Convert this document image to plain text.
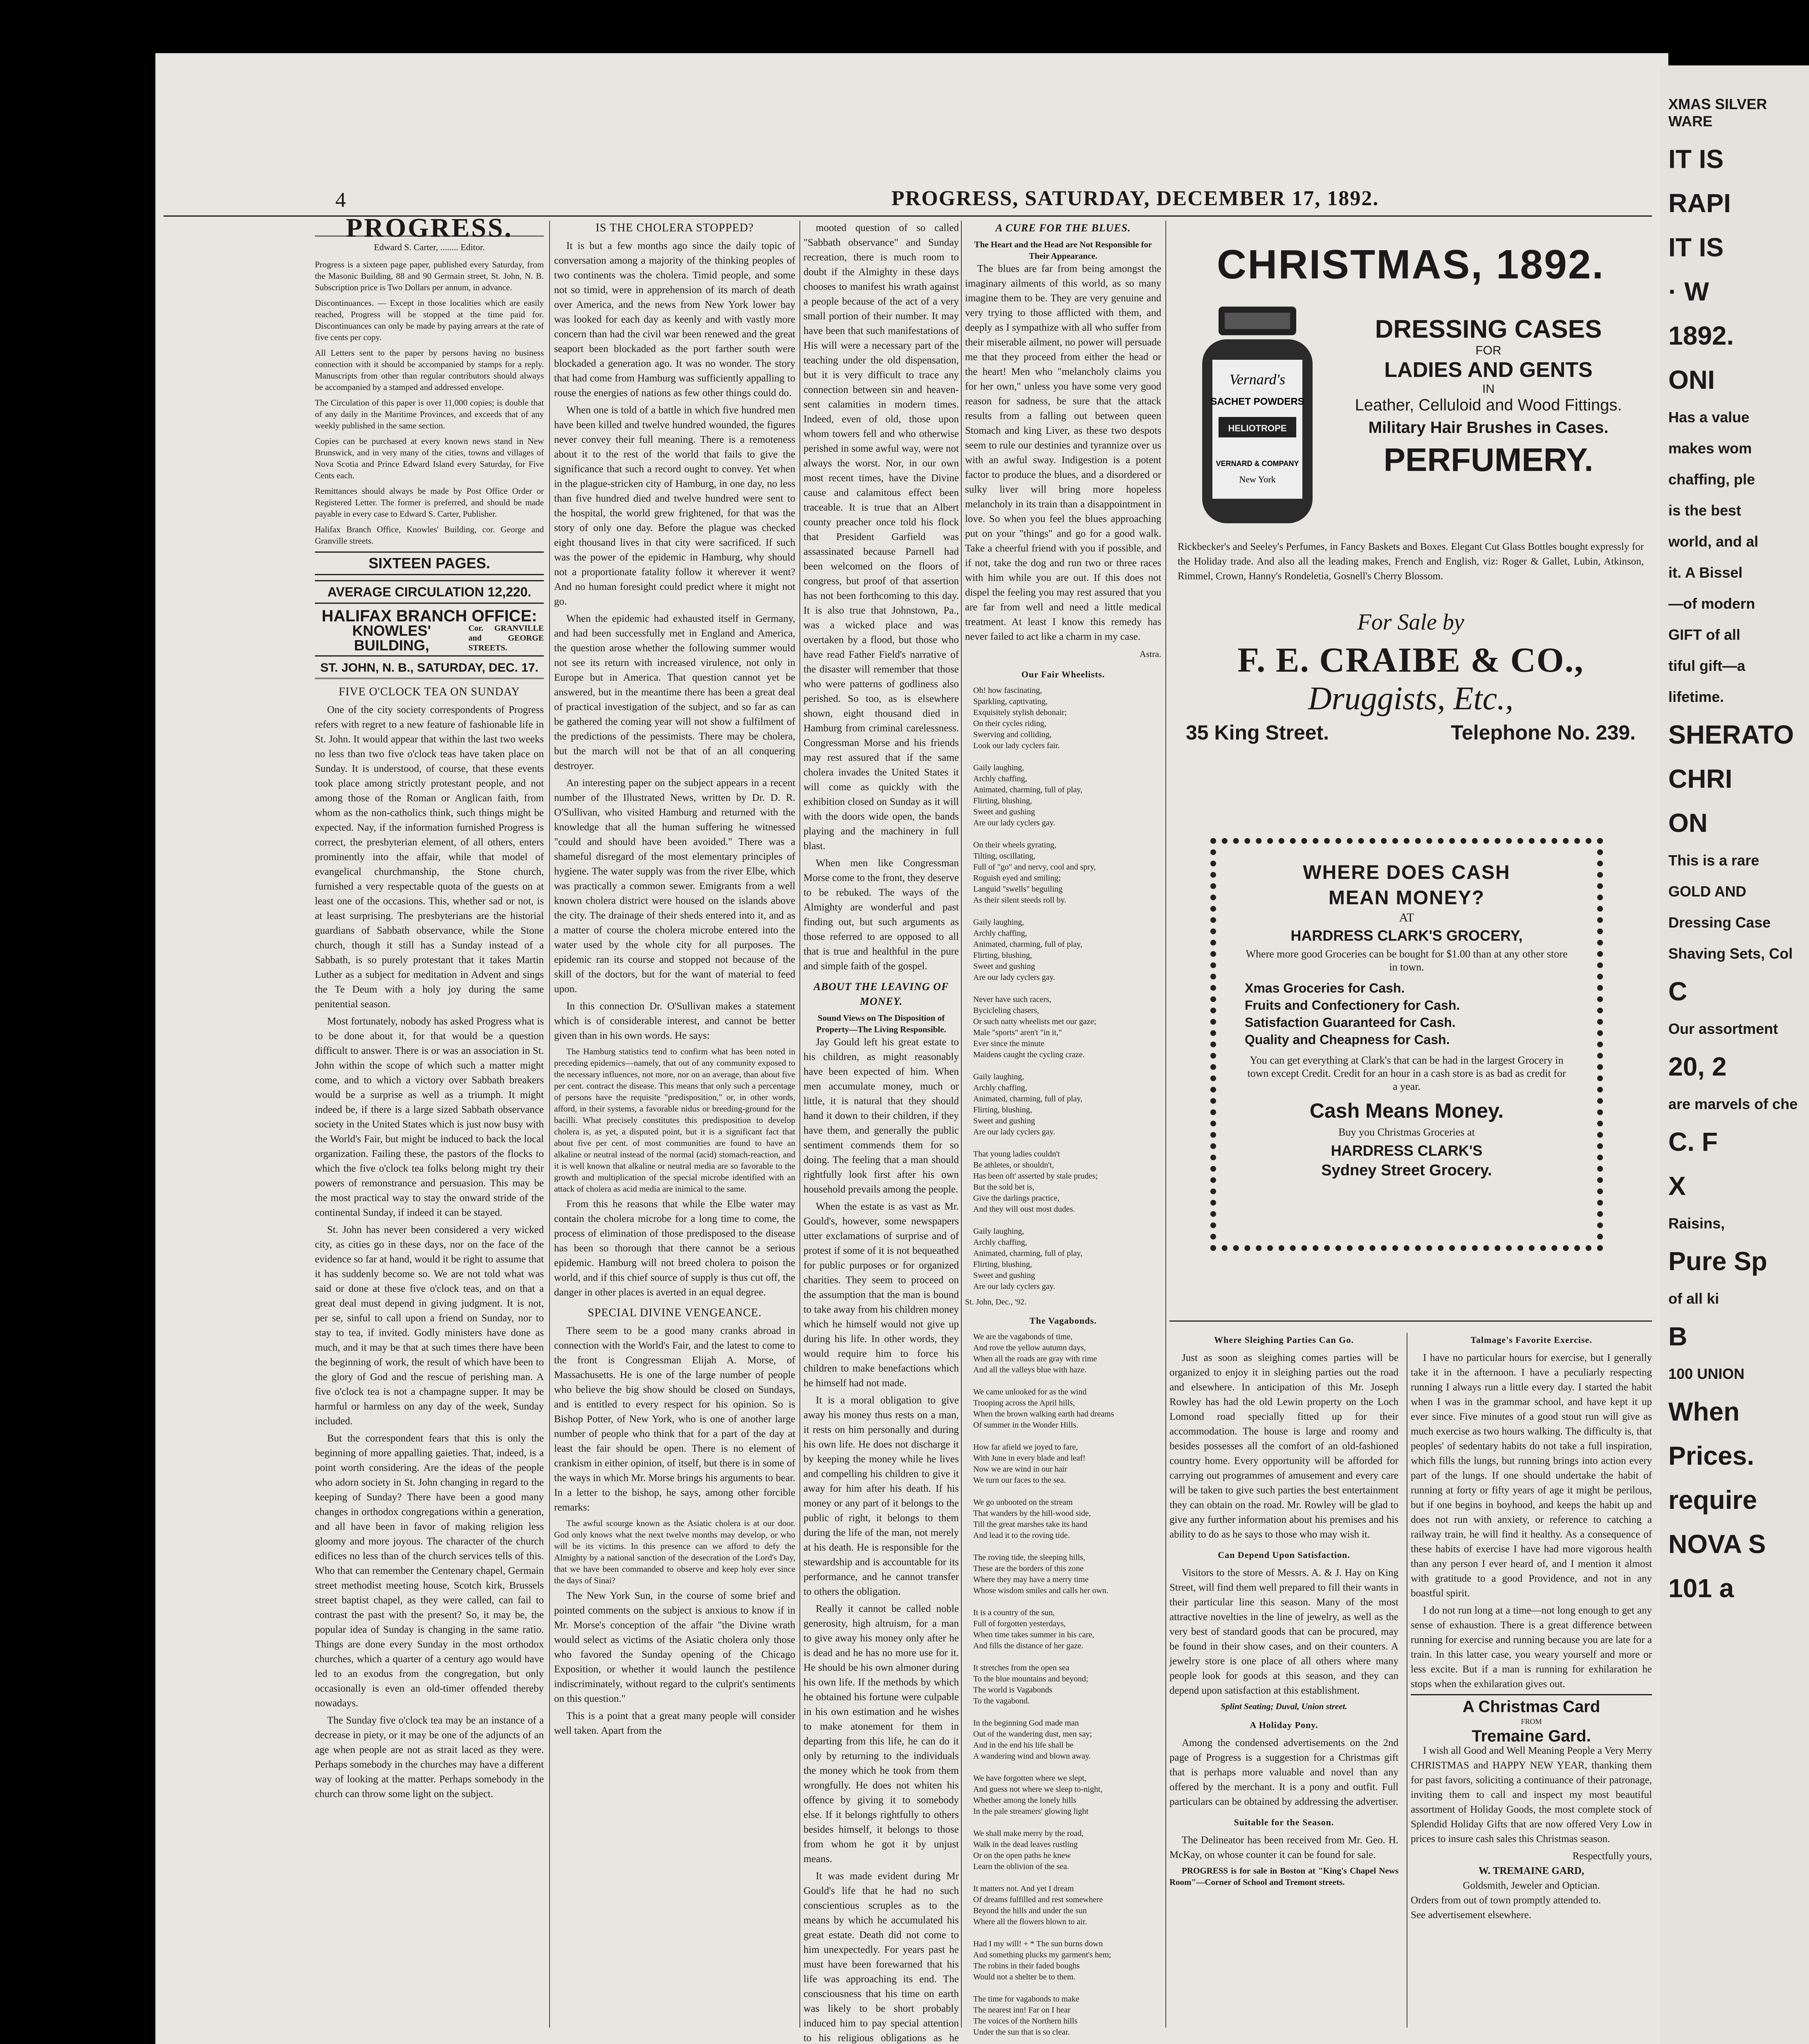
4	PROGRESS, SATURDAY, DECEMBER 17, 1892.
PROGRESS.
Edward S. Carter, ........ Editor.
Progress is a sixteen page paper, published every Saturday, from the Masonic Building, 88 and 90 Germain street, St. John, N. B. Subscription price is Two Dollars per annum, in advance.
Discontinuances. — Except in those localities which are easily reached, Progress will be stopped at the time paid for. Discontinuances can only be made by paying arrears at the rate of five cents per copy.
All Letters sent to the paper by persons having no business connection with it should be accompanied by stamps for a reply. Manuscripts from other than regular contributors should always be accompanied by a stamped and addressed envelope.
The Circulation of this paper is over 11,000 copies; is double that of any daily in the Maritime Provinces, and exceeds that of any weekly published in the same section.
Copies can be purchased at every known news stand in New Brunswick, and in very many of the cities, towns and villages of Nova Scotia and Prince Edward Island every Saturday, for Five Cents each.
Remittances should always be made by Post Office Order or Registered Letter. The former is preferred, and should be made payable in every case to Edward S. Carter, Publisher.
Halifax Branch Office, Knowles' Building, cor. George and Granville streets.
SIXTEEN PAGES.
AVERAGE CIRCULATION 12,220.
HALIFAX BRANCH OFFICE:
KNOWLES' BUILDING,
Cor. GRANVILLE and GEORGE STREETS.
ST. JOHN, N. B., SATURDAY, DEC. 17.
FIVE O'CLOCK TEA ON SUNDAY

One of the city society correspondents of Progress refers with regret to a new feature of fashionable life in St. John. It would appear that within the last two weeks no less than two five o'clock teas have taken place on Sunday. It is understood, of course, that these events took place among strictly protestant people, and not among those of the Roman or Anglican faith, from whom as the non-catholics think, such things might be expected. Nay, if the information furnished Progress is correct, the presbyterian element, of all others, enters prominently into the affair, while that model of evangelical churchmanship, the Stone church, furnished a very respectable quota of the guests on at least one of the occasions. This, whether sad or not, is at least surprising. The presbyterians are the historial guardians of Sabbath observance, while the Stone church, though it still has a Sunday instead of a Sabbath, is so purely protestant that it takes Martin Luther as a subject for meditation in Advent and sings the Te Deum with a holy joy during the same penitential season.

Most fortunately, nobody has asked Progress what is to be done about it, for that would be a question difficult to answer. There is or was an association in St. John within the scope of which such a matter might come, and to which a victory over Sabbath breakers would be a surprise as well as a triumph. It might indeed be, if there is a large sized Sabbath observance society in the United States which is just now busy with the World's Fair, but might be induced to back the local organization. Failing these, the pastors of the flocks to which the five o'clock tea folks belong might try their powers of remonstrance and persuasion. This may be the most practical way to stay the onward stride of the continental Sunday, if indeed it can be stayed.

St. John has never been considered a very wicked city, as cities go in these days, nor on the face of the evidence so far at hand, would it be right to assume that it has suddenly become so. We are not told what was said or done at these five o'clock teas, and on that a great deal must depend in giving judgment. It is not, per se, sinful to call upon a friend on Sunday, nor to stay to tea, if invited. Godly ministers have done as much, and it may be that at such times there have been the beginning of work, the result of which have been to the glory of God and the rescue of perishing man. A five o'clock tea is not a champagne supper. It may be harmful or harmless on any day of the week, Sunday included.

But the correspondent fears that this is only the beginning of more appalling gaieties. That, indeed, is a point worth considering. Are the ideas of the people who adorn society in St. John changing in regard to the keeping of Sunday? There have been a good many changes in orthodox congregations within a generation, and all have been in favor of making religion less gloomy and more joyous. The character of the church edifices no less than of the church services tells of this. Who that can remember the Centenary chapel, Germain street methodist meeting house, Scotch kirk, Brussels street baptist chapel, as they were called, can fail to contrast the past with the present? So, it may be, the popular idea of Sunday is changing in the same ratio. Things are done every Sunday in the most orthodox churches, which a quarter of a century ago would have led to an exodus from the congregation, but only occasionally is even an old-timer offended thereby nowadays.

The Sunday five o'clock tea may be an instance of a decrease in piety, or it may be one of the adjuncts of an age when people are not as strait laced as they were. Perhaps somebody in the churches may have a different way of looking at the matter. Perhaps somebody in the church can throw some light on the subject.

IS THE CHOLERA STOPPED?

It is but a few months ago since the daily topic of conversation among a majority of the thinking peoples of two continents was the cholera. Timid people, and some not so timid, were in apprehension of its march of death over America, and the news from New York lower bay was looked for each day as keenly and with vastly more concern than had the civil war been renewed and the great seaport been blockaded as the port farther south were blockaded a generation ago. It was no wonder. The story that had come from Hamburg was sufficiently appalling to rouse the energies of nations as few other things could do.

When one is told of a battle in which five hundred men have been killed and twelve hundred wounded, the figures never convey their full meaning. There is a remoteness about it to the rest of the world that fails to give the significance that such a record ought to convey. Yet when in the plague-stricken city of Hamburg, in one day, no less than five hundred died and twelve hundred were sent to the hospital, the world grew frightened, for that was the story of only one day. Before the plague was checked eight thousand lives in that city were sacrificed. If such was the power of the epidemic in Hamburg, why should not a proportionate fatality follow it wherever it went? And no human foresight could predict where it might not go.

When the epidemic had exhausted itself in Germany, and had been successfully met in England and America, the question arose whether the following summer would not see its return with increased virulence, not only in Europe but in America. That question cannot yet be answered, but in the meantime there has been a great deal of practical investigation of the subject, and so far as can be gathered the coming year will not show a fulfilment of the predictions of the pessimists. There may be cholera, but the march will not be that of an all conquering destroyer.

An interesting paper on the subject appears in a recent number of the Illustrated News, written by Dr. D. R. O'Sullivan, who visited Hamburg and returned with the knowledge that all the human suffering he witnessed "could and should have been avoided." There was a shameful disregard of the most elementary principles of hygiene. The water supply was from the river Elbe, which was practically a common sewer. Emigrants from a well known cholera district were housed on the islands above the city. The drainage of their sheds entered into it, and as a matter of course the cholera microbe entered into the water used by the whole city for all purposes. The epidemic ran its course and stopped not because of the skill of the doctors, but for the want of material to feed upon.

In this connection Dr. O'Sullivan makes a statement which is of considerable interest, and cannot be better given than in his own words. He says:

The Hamburg statistics tend to confirm what has been noted in preceding epidemics—namely, that out of any community exposed to the necessary influences, not more, nor on an average, than about five per cent. contract the disease. This means that only such a percentage of persons have the requisite "predisposition," or, in other words, afford, in their systems, a favorable nidus or breeding-ground for the bacilli. What precisely constitutes this predisposition to develop cholera is, as yet, a disputed point, but it is a significant fact that about five per cent. of most communities are found to have an alkaline or neutral instead of the normal (acid) stomach-reaction, and it is well known that alkaline or neutral media are so favorable to the growth and multiplication of the special microbe identified with an attack of cholera as acid media are inimical to the same.

From this he reasons that while the Elbe water may contain the cholera microbe for a long time to come, the process of elimination of those predisposed to the disease has been so thorough that there cannot be a serious epidemic. Hamburg will not breed cholera to poison the world, and if this chief source of supply is thus cut off, the danger in other places is averted in an equal degree.

SPECIAL DIVINE VENGEANCE.

There seem to be a good many cranks abroad in connection with the World's Fair, and the latest to come to the front is Congressman Elijah A. Morse, of Massachusetts. He is one of the large number of people who believe the big show should be closed on Sundays, and is entitled to every respect for his opinion. So is Bishop Potter, of New York, who is one of another large number of people who think that for a part of the day at least the fair should be open. There is no element of crankism in either opinion, of itself, but there is in some of the ways in which Mr. Morse brings his arguments to bear. In a letter to the bishop, he says, among other forcible remarks:

The awful scourge known as the Asiatic cholera is at our door. God only knows what the next twelve months may develop, or who will be its victims. In this presence can we afford to defy the Almighty by a national sanction of the desecration of the Lord's Day, that we have been commanded to observe and keep holy ever since the days of Sinai?

The New York Sun, in the course of some brief and pointed comments on the subject is anxious to know if in Mr. Morse's conception of the affair "the Divine wrath would select as victims of the Asiatic cholera only those who favored the Sunday opening of the Chicago Exposition, or whether it would launch the pestilence indiscriminately, without regard to the culprit's sentiments on this question."

This is a point that a great many people will consider well taken. Apart from the

mooted question of so called "Sabbath observance" and Sunday recreation, there is much room to doubt if the Almighty in these days chooses to manifest his wrath against a people because of the act of a very small portion of their number. It may have been that such manifestations of His will were a necessary part of the teaching under the old dispensation, but it is very difficult to trace any connection between sin and heaven-sent calamities in modern times. Indeed, even of old, those upon whom towers fell and who otherwise perished in some awful way, were not always the worst. Nor, in our own most recent times, have the Divine cause and calamitous effect been traceable. It is true that an Albert county preacher once told his flock that President Garfield was assassinated because Parnell had been welcomed on the floors of congress, but proof of that assertion has not been forthcoming to this day. It is also true that Johnstown, Pa., was a wicked place and was overtaken by a flood, but those who have read Father Field's narrative of the disaster will remember that those who were patterns of godliness also perished. So too, as is elsewhere shown, eight thousand died in Hamburg from criminal carelessness. Congressman Morse and his friends may rest assured that if the same cholera invades the United States it will come as quickly with the exhibition closed on Sunday as it will with the doors wide open, the bands playing and the machinery in full blast.

When men like Congressman Morse come to the front, they deserve to be rebuked. The ways of the Almighty are wonderful and past finding out, but such arguments as those referred to are opposed to all that is true and healthful in the pure and simple faith of the gospel.

ABOUT THE LEAVING OF MONEY.
Sound Views on The Disposition of Property—The Living Responsible.

Jay Gould left his great estate to his children, as might reasonably have been expected of him. When men accumulate money, much or little, it is natural that they should hand it down to their children, if they have them, and generally the public sentiment commends them for so doing. The feeling that a man should rightfully look first after his own household prevails among the people.

When the estate is as vast as Mr. Gould's, however, some newspapers utter exclamations of surprise and of protest if some of it is not bequeathed for public purposes or for organized charities. They seem to proceed on the assumption that the man is bound to take away from his children money which he himself would not give up during his life. In other words, they would require him to force his children to make benefactions which he himself had not made.

It is a moral obligation to give away his money thus rests on a man, it rests on him personally and during his own life. He does not discharge it by keeping the money while he lives and compelling his children to give it away for him after his death. If his money or any part of it belongs to the public of right, it belongs to them during the life of the man, not merely at his death. He is responsible for the stewardship and is accountable for its performance, and he cannot transfer to others the obligation.

Really it cannot be called noble generosity, high altruism, for a man to give away his money only after he is dead and he has no more use for it. He should be his own almoner during his own life. If the methods by which he obtained his fortune were culpable in his own estimation and he wishes to make atonement for them in departing from this life, he can do it only by returning to the individuals the money which he took from them wrongfully. He does not whiten his offence by giving it to somebody else. If it belongs rightfully to others besides himself, it belongs to those from whom he got it by unjust means.

It was made evident during Mr Gould's life that he had no such conscientious scruples as to the means by which he accumulated his great estate. Death did not come to him unexpectedly. For years past he must have been forewarned that his life was approaching its end. The consciousness that his time on earth was likely to be short probably induced him to pay special attention to his religious obligations as he

A CURE FOR THE BLUES.
The Heart and the Head are Not Responsible for Their Appearance.

The blues are far from being amongst the imaginary ailments of this world, as so many imagine them to be. They are very genuine and very trying to those afflicted with them, and deeply as I sympathize with all who suffer from their miserable ailment, no power will persuade me that they proceed from either the head or the heart! Men who "melancholy claims you for her own," unless you have some very good reason for sadness, be sure that the attack results from a falling out between queen Stomach and king Liver, as these two despots seem to rule our destinies and tyrannize over us with an awful sway. Indigestion is a potent factor to produce the blues, and a disordered or sulky liver will bring more hopeless melancholy in its train than a disappointment in love. So when you feel the blues approaching put on your "things" and go for a good walk. Take a cheerful friend with you if possible, and if not, take the dog and run two or three races with him while you are out. If this does not dispel the feeling you may rest assured that you are far from well and need a little medical treatment. At least I know this remedy has never failed to act like a charm in my case.

Astra.
Our Fair Wheelists.
Oh! how fascinating,
Sparkling, captivating,
Exquisitely stylish debonair;
On their cycles riding,
Swerving and colliding,
Look our lady cyclers fair.

Gaily laughing,
Archly chaffing,
Animated, charming, full of play,
Flirting, blushing,
Sweet and gushing
Are our lady cyclers gay.

On their wheels gyrating,
Tilting, oscillating,
Full of "go" and nervy, cool and spry,
Roguish eyed and smiling;
Languid "swells" beguiling
As their silent steeds roll by.

Gaily laughing,
Archly chaffing,
Animated, charming, full of play,
Flirting, blushing,
Sweet and gushing
Are our lady cyclers gay.

Never have such racers,
Bycicleling chasers,
Or such natty wheelists met our gaze;
Male "sports" aren't "in it,"
Ever since the minute
Maidens caught the cycling craze.

Gaily laughing,
Archly chaffing,
Animated, charming, full of play,
Flirting, blushing,
Sweet and gushing
Are our lady cyclers gay.

That young ladies couldn't
Be athletes, or shouldn't,
Has been oft' asserted by stale prudes;
But the sold bet is,
Give the darlings practice,
And they will oust most dudes.

Gaily laughing,
Archly chaffing,
Animated, charming, full of play,
Flirting, blushing,
Sweet and gushing
Are our lady cyclers gay.
St. John, Dec., '92.
The Vagabonds.
We are the vagabonds of time,
And rove the yellow autumn days,
When all the roads are gray with rime
And all the valleys blue with haze.

We came unlooked for as the wind
Trooping across the April hills,
When the brown walking earth had dreams
Of summer in the Wonder Hills.

How far afield we joyed to fare,
With June in every blade and leaf!
Now we are wind in our hair
We turn our faces to the sea.

We go unbooted on the stream
That wanders by the hill-wood side,
Till the great marshes take its hand
And lead it to the roving tide.

The roving tide, the sleeping hills,
These are the borders of this zone
Where they may have a merry time
Whose wisdom smiles and calls her own.

It is a country of the sun,
Full of forgotten yesterdays,
When time takes summer in his care,
And fills the distance of her gaze.

It stretches from the open sea
To the blue mountains and beyond;
The world is Vagabonds
To the vagabond.

In the beginning God made man
Out of the wandering dust, men say;
And in the end his life shall be
A wandering wind and blown away.

We have forgotten where we slept,
And guess not where we sleep to-night,
Whether among the lonely hills
In the pale streamers' glowing light

We shall make merry by the road,
Walk in the dead leaves rustling
Or on the open paths he knew
Learn the oblivion of the sea.

It matters not. And yet I dream
Of dreams fulfilled and rest somewhere
Beyond the hills and under the sun
Where all the flowers blown to air.

Had I my will! + * The sun burns down
And something plucks my garment's hem;
The robins in their faded boughs
Would not a shelter be to them.

The time for vagabonds to make
The nearest inn! Far on I hear
The voices of the Northern hills
Under the sun that is so clear.

CHRISTMAS, 1892.
Vernard's
SACHET POWDERS
HELIOTROPE
VERNARD & COMPANY
New York
DRESSING CASES
FOR
LADIES AND GENTS
IN
Leather, Celluloid and Wood Fittings.
Military Hair Brushes in Cases.
PERFUMERY.
Rickbecker's and Seeley's Perfumes, in Fancy Baskets and Boxes. Elegant Cut Glass Bottles bought expressly for the Holiday trade. And also all the leading makes, French and English, viz: Roger & Gallet, Lubin, Atkinson, Rimmel, Crown, Hanny's Rondeletia, Gosnell's Cherry Blossom.
For Sale by
F. E. CRAIBE & CO.,
Druggists, Etc.,
35 King Street.	Telephone No. 239.
WHERE DOES CASH
MEAN MONEY?
AT
HARDRESS CLARK'S GROCERY,
Where more good Groceries can be bought for $1.00 than at any other store in town.
Xmas Groceries for Cash.
Fruits and Confectionery for Cash.
Satisfaction Guaranteed for Cash.
Quality and Cheapness for Cash.
You can get everything at Clark's that can be had in the largest Grocery in town except Credit. Credit for an hour in a cash store is as bad as credit for a year.
Cash Means Money.
Buy you Christmas Groceries at
HARDRESS CLARK'S
Sydney Street Grocery.
Where Sleighing Parties Can Go.

Just as soon as sleighing comes parties will be organized to enjoy it in sleighing parties out the road and elsewhere. In anticipation of this Mr. Joseph Rowley has had the old Lewin property on the Loch Lomond road specially fitted up for their accommodation. The house is large and roomy and besides possesses all the comfort of an old-fashioned country home. Every opportunity will be afforded for carrying out programmes of amusement and every care will be taken to give such parties the best entertainment they can obtain on the road. Mr. Rowley will be glad to give any further information about his premises and his ability to do as he says to those who may wish it.

Can Depend Upon Satisfaction.

Visitors to the store of Messrs. A. & J. Hay on King Street, will find them well prepared to fill their wants in their particular line this season. Many of the most attractive novelties in the line of jewelry, as well as the very best of standard goods that can be procured, may be found in their show cases, and on their counters. A jewelry store is one place of all others where many people look for goods at this season, and they can depend upon satisfaction at this establishment.

Splint Seating; Duval, Union street.
A Holiday Pony.

Among the condensed advertisements on the 2nd page of Progress is a suggestion for a Christmas gift that is perhaps more valuable and novel than any offered by the merchant. It is a pony and outfit. Full particulars can be obtained by addressing the advertiser.

Suitable for the Season.

The Delineator has been received from Mr. Geo. H. McKay, on whose counter it can be found for sale.

PROGRESS is for sale in Boston at "King's Chapel News Room"—Corner of School and Tremont streets.

Talmage's Favorite Exercise.

I have no particular hours for exercise, but I generally take it in the afternoon. I have a peculiarly respecting running I always run a little every day. I started the habit when I was in the grammar school, and have kept it up ever since. Five minutes of a good stout run will give as much exercise as two hours walking. The difficulty is, that peoples' of sedentary habits do not take a full inspiration, which fills the lungs, but running brings into action every part of the lungs. If one should undertake the habit of running at forty or fifty years of age it might be perilous, but if one begins in boyhood, and keeps the habit up and does not run with anxiety, or reference to catching a railway train, he will find it healthy. As a consequence of these habits of exercise I have had more vigorous health than any person I ever heard of, and I mention it almost with gratitude to a good Providence, and not in any boastful spirit.

I do not run long at a time—not long enough to get any sense of exhaustion. There is a great difference between running for exercise and running because you are late for a train. In this latter case, you weary yourself and more or less excite. But if a man is running for exhilaration he stops when the exhilaration gives out.

A Christmas Card
FROM
Tremaine Gard.

I wish all Good and Well Meaning People a Very Merry CHRISTMAS and HAPPY NEW YEAR, thanking them for past favors, soliciting a continuance of their patronage, inviting them to call and inspect my most beautiful assortment of Holiday Goods, the most complete stock of Splendid Holiday Gifts that are now offered Very Low in prices to insure cash sales this Christmas season.

Respectfully yours,
W. TREMAINE GARD,
Goldsmith, Jeweler and Optician.
Orders from out of town promptly attended to.
See advertisement elsewhere.
XMAS SILVER WARE
IT IS
RAPI
IT IS
· W
1892.
ONI
Has a value
makes wom
chaffing, ple
is the best
world, and al
it. A Bissel
—of modern
GIFT of all
tiful gift—a
lifetime.
SHERATO
CHRI
ON
This is a rare
GOLD AND
Dressing Case
Shaving Sets, Col
C
Our assortment
20, 2
are marvels of che
C. F
X
Raisins,
Pure Sp
of all ki
B
100 UNION
When
Prices.
require
NOVA S
101 a
